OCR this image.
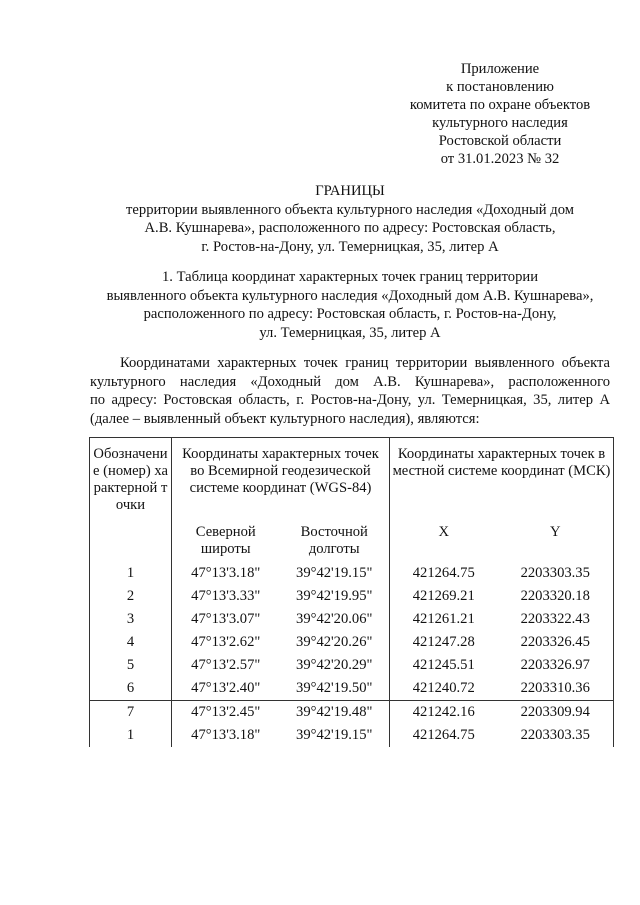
Приложение
к постановлению
комитета по охране объектов
культурного наследия
Ростовской области
от 31.01.2023 № 32
ГРАНИЦЫ
территории выявленного объекта культурного наследия «Доходный дом
А.В. Кушнарева», расположенного по адресу: Ростовская область,
г. Ростов-на-Дону, ул. Темерницкая, 35, литер А
1. Таблица координат характерных точек границ территории
выявленного объекта культурного наследия «Доходный дом А.В. Кушнарева»,
расположенного по адресу: Ростовская область, г. Ростов-на-Дону,
ул. Темерницкая, 35, литер А
Координатами характерных точек границ территории выявленного объекта
культурного наследия «Доходный дом А.В. Кушнарева», расположенного
по адресу: Ростовская область, г. Ростов-на-Дону, ул. Темерницкая, 35, литер А
(далее – выявленный объект культурного наследия), являются:
Обозначение (номер) характерной точки	Координаты характерных точек во Всемирной геодезической системе координат (WGS-84)		Координаты характерных точек в местной системе координат (МСК)	
	Северной широты	Восточной долготы	X	Y
1	47°13'3.18"	39°42'19.15"	421264.75	2203303.35
2	47°13'3.33"	39°42'19.95"	421269.21	2203320.18
3	47°13'3.07"	39°42'20.06"	421261.21	2203322.43
4	47°13'2.62"	39°42'20.26"	421247.28	2203326.45
5	47°13'2.57"	39°42'20.29"	421245.51	2203326.97
6	47°13'2.40"	39°42'19.50"	421240.72	2203310.36
7	47°13'2.45"	39°42'19.48"	421242.16	2203309.94
1	47°13'3.18"	39°42'19.15"	421264.75	2203303.35
